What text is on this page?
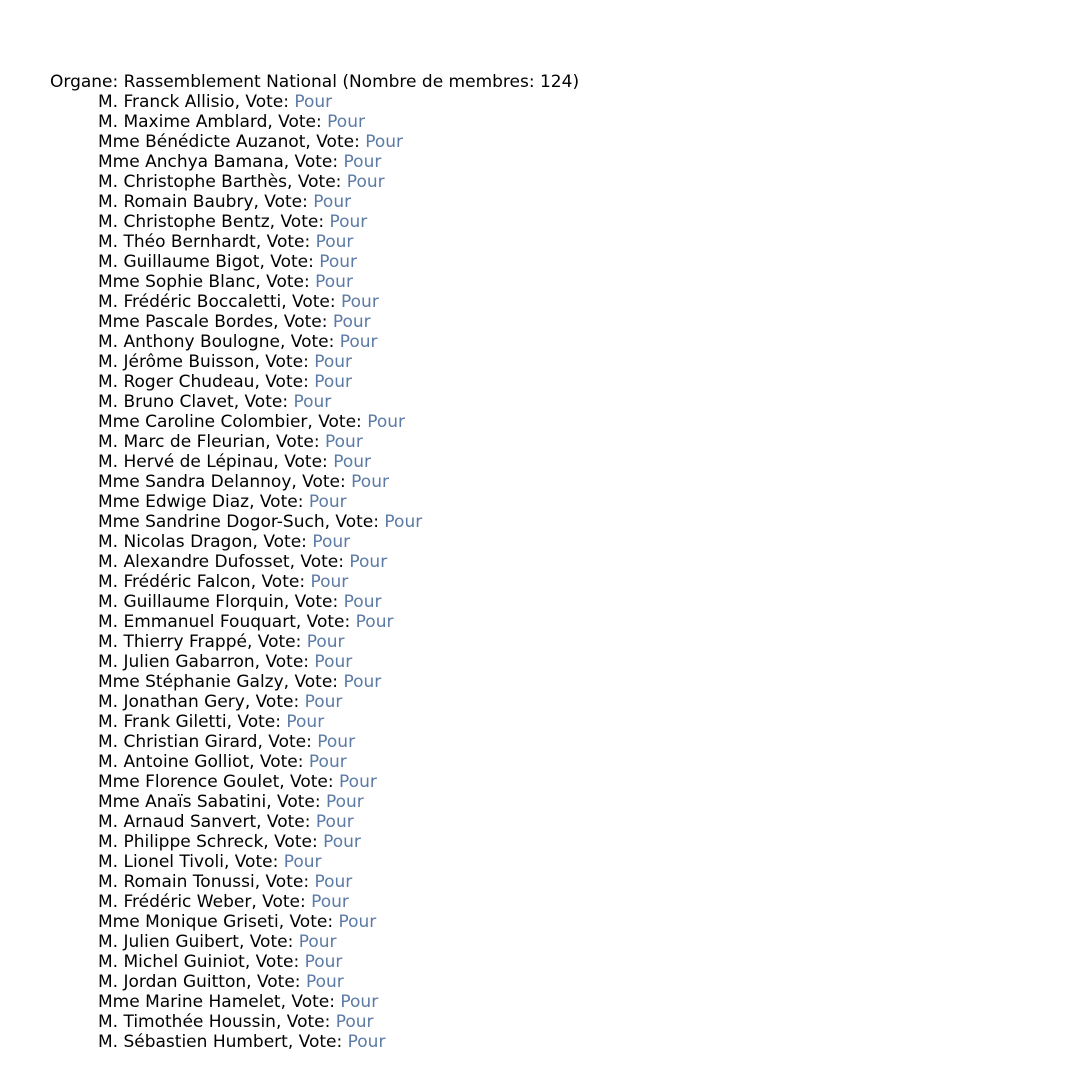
Organe: Rassemblement National (Nombre de membres: 124)
M. Franck Allisio, Vote: Pour
M. Maxime Amblard, Vote: Pour
Mme Bénédicte Auzanot, Vote: Pour
Mme Anchya Bamana, Vote: Pour
M. Christophe Barthès, Vote: Pour
M. Romain Baubry, Vote: Pour
M. Christophe Bentz, Vote: Pour
M. Théo Bernhardt, Vote: Pour
M. Guillaume Bigot, Vote: Pour
Mme Sophie Blanc, Vote: Pour
M. Frédéric Boccaletti, Vote: Pour
Mme Pascale Bordes, Vote: Pour
M. Anthony Boulogne, Vote: Pour
M. Jérôme Buisson, Vote: Pour
M. Roger Chudeau, Vote: Pour
M. Bruno Clavet, Vote: Pour
Mme Caroline Colombier, Vote: Pour
M. Marc de Fleurian, Vote: Pour
M. Hervé de Lépinau, Vote: Pour
Mme Sandra Delannoy, Vote: Pour
Mme Edwige Diaz, Vote: Pour
Mme Sandrine Dogor-Such, Vote: Pour
M. Nicolas Dragon, Vote: Pour
M. Alexandre Dufosset, Vote: Pour
M. Frédéric Falcon, Vote: Pour
M. Guillaume Florquin, Vote: Pour
M. Emmanuel Fouquart, Vote: Pour
M. Thierry Frappé, Vote: Pour
M. Julien Gabarron, Vote: Pour
Mme Stéphanie Galzy, Vote: Pour
M. Jonathan Gery, Vote: Pour
M. Frank Giletti, Vote: Pour
M. Christian Girard, Vote: Pour
M. Antoine Golliot, Vote: Pour
Mme Florence Goulet, Vote: Pour
Mme Anaïs Sabatini, Vote: Pour
M. Arnaud Sanvert, Vote: Pour
M. Philippe Schreck, Vote: Pour
M. Lionel Tivoli, Vote: Pour
M. Romain Tonussi, Vote: Pour
M. Frédéric Weber, Vote: Pour
Mme Monique Griseti, Vote: Pour
M. Julien Guibert, Vote: Pour
M. Michel Guiniot, Vote: Pour
M. Jordan Guitton, Vote: Pour
Mme Marine Hamelet, Vote: Pour
M. Timothée Houssin, Vote: Pour
M. Sébastien Humbert, Vote: Pour
